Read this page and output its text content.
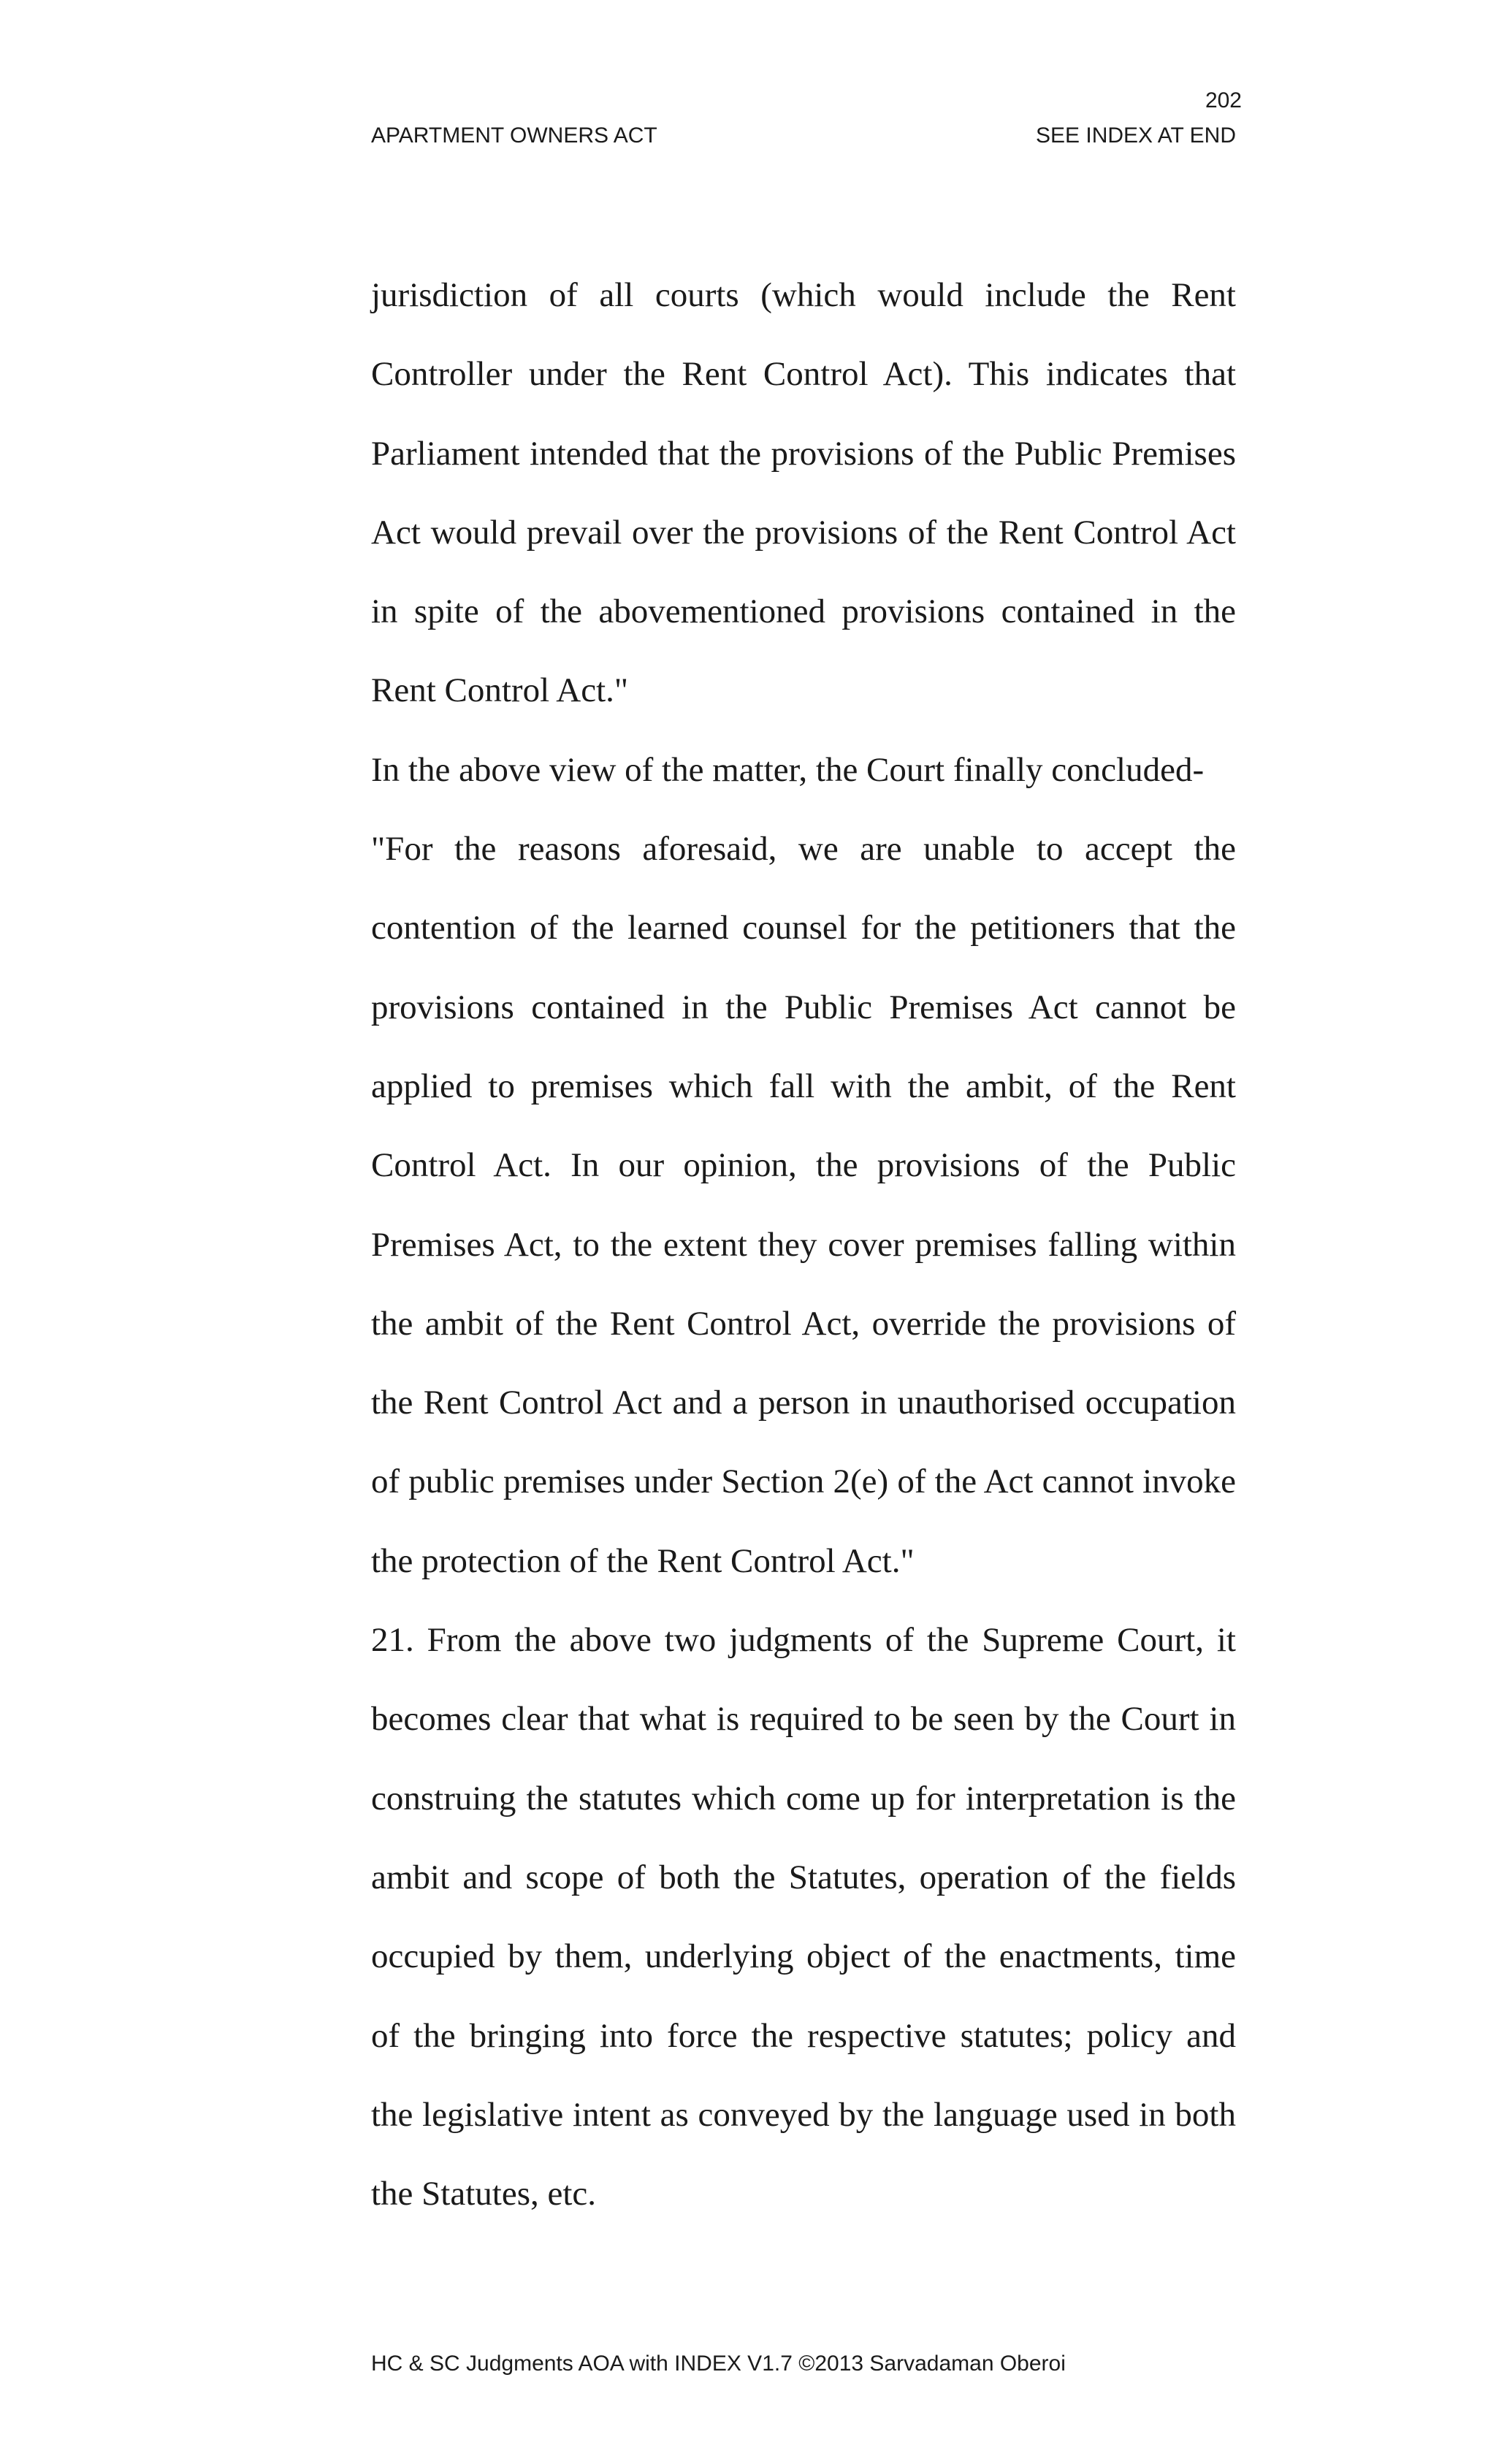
202
APARTMENT OWNERS ACT	SEE INDEX AT END

jurisdiction of all courts (which would include the Rent Controller under the Rent Control Act). This indicates that Parliament intended that the provisions of the Public Premises Act would prevail over the provisions of the Rent Control Act in spite of the abovementioned provisions contained in the Rent Control Act."

In the above view of the matter, the Court finally concluded-

"For the reasons aforesaid, we are unable to accept the contention of the learned counsel for the petitioners that the provisions contained in the Public Premises Act cannot be applied to premises which fall with the ambit, of the Rent Control Act. In our opinion, the provisions of the Public Premises Act, to the extent they cover premises falling within the ambit of the Rent Control Act, override the provisions of the Rent Control Act and a person in unauthorised occupation of public premises under Section 2(e) of the Act cannot invoke the protection of the Rent Control Act."

21. From the above two judgments of the Supreme Court, it becomes clear that what is required to be seen by the Court in construing the statutes which come up for interpretation is the ambit and scope of both the Statutes, operation of the fields occupied by them, underlying object of the enactments, time of the bringing into force the respective statutes; policy and the legislative intent as conveyed by the language used in both the Statutes, etc.

HC & SC Judgments AOA with INDEX V1.7 ©2013 Sarvadaman Oberoi
